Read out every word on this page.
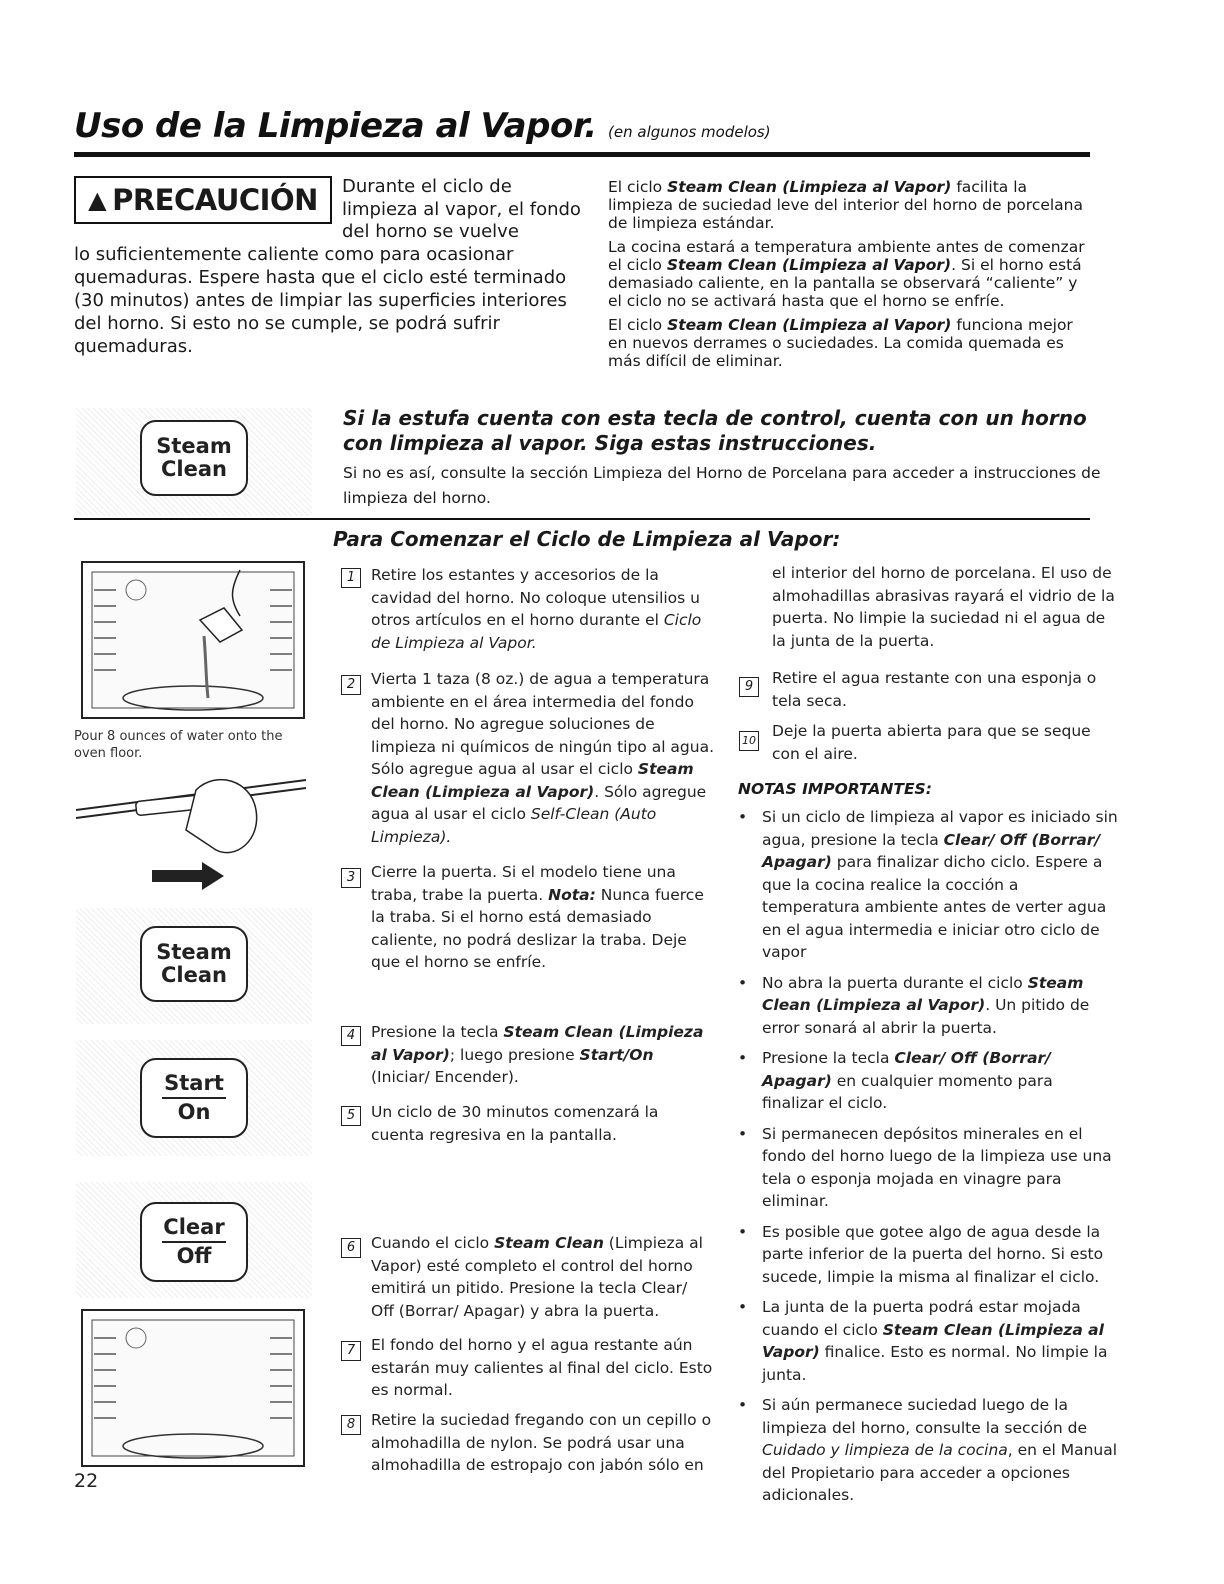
Uso de la Limpieza al Vapor. (en algunos modelos)
▲ PRECAUCIÓN Durante el ciclo de limpieza al vapor, el fondo del horno se vuelve
lo suficientemente caliente como para ocasionar quemaduras. Espere hasta que el ciclo esté terminado (30 minutos) antes de limpiar las superficies interiores del horno. Si esto no se cumple, se podrá sufrir quemaduras.

El ciclo Steam Clean (Limpieza al Vapor) facilita la limpieza de suciedad leve del interior del horno de porcelana de limpieza estándar.

La cocina estará a temperatura ambiente antes de comenzar el ciclo Steam Clean (Limpieza al Vapor). Si el horno está demasiado caliente, en la pantalla se observará “caliente” y el ciclo no se activará hasta que el horno se enfríe.

El ciclo Steam Clean (Limpieza al Vapor) funciona mejor en nuevos derrames o suciedades. La comida quemada es más difícil de eliminar.

Steam
Clean
Si la estufa cuenta con esta tecla de control, cuenta con un horno con limpieza al vapor. Siga estas instrucciones.
Si no es así, consulte la sección Limpieza del Horno de Porcelana para acceder a instrucciones de limpieza del horno.
Para Comenzar el Ciclo de Limpieza al Vapor:
Pour 8 ounces of water onto the oven floor.
Steam
Clean
Start
On
Clear
Off
22
1	Retire los estantes y accesorios de la cavidad del horno. No coloque utensilios u otros artículos en el horno durante el Ciclo de Limpieza al Vapor.
2	Vierta 1 taza (8 oz.) de agua a temperatura ambiente en el área intermedia del fondo del horno. No agregue soluciones de limpieza ni químicos de ningún tipo al agua. Sólo agregue agua al usar el ciclo Steam Clean (Limpieza al Vapor). Sólo agregue agua al usar el ciclo Self-Clean (Auto Limpieza).
3	Cierre la puerta. Si el modelo tiene una traba, trabe la puerta. Nota: Nunca fuerce la traba. Si el horno está demasiado caliente, no podrá deslizar la traba. Deje que el horno se enfríe.
4	Presione la tecla Steam Clean (Limpieza al Vapor); luego presione Start/On (Iniciar/ Encender).
5	Un ciclo de 30 minutos comenzará la cuenta regresiva en la pantalla.
6	Cuando el ciclo Steam Clean (Limpieza al Vapor) esté completo el control del horno emitirá un pitido. Presione la tecla Clear/ Off (Borrar/ Apagar) y abra la puerta.
7	El fondo del horno y el agua restante aún estarán muy calientes al final del ciclo. Esto es normal.
8	Retire la suciedad fregando con un cepillo o almohadilla de nylon. Se podrá usar una almohadilla de estropajo con jabón sólo en
el interior del horno de porcelana. El uso de almohadillas abrasivas rayará el vidrio de la puerta. No limpie la suciedad ni el agua de la junta de la puerta.
9	Retire el agua restante con una esponja o tela seca.
10
Deje la puerta abierta para que se seque con el aire.
NOTAS IMPORTANTES:
• Si un ciclo de limpieza al vapor es iniciado sin agua, presione la tecla Clear/ Off (Borrar/ Apagar) para finalizar dicho ciclo. Espere a que la cocina realice la cocción a temperatura ambiente antes de verter agua en el agua intermedia e iniciar otro ciclo de vapor
• No abra la puerta durante el ciclo Steam Clean (Limpieza al Vapor). Un pitido de error sonará al abrir la puerta.
• Presione la tecla Clear/ Off (Borrar/ Apagar) en cualquier momento para finalizar el ciclo.
• Si permanecen depósitos minerales en el fondo del horno luego de la limpieza use una tela o esponja mojada en vinagre para eliminar.
• Es posible que gotee algo de agua desde la parte inferior de la puerta del horno. Si esto sucede, limpie la misma al finalizar el ciclo.
• La junta de la puerta podrá estar mojada cuando el ciclo Steam Clean (Limpieza al Vapor) finalice. Esto es normal. No limpie la junta.
• Si aún permanece suciedad luego de la limpieza del horno, consulte la sección de Cuidado y limpieza de la cocina, en el Manual del Propietario para acceder a opciones adicionales.
